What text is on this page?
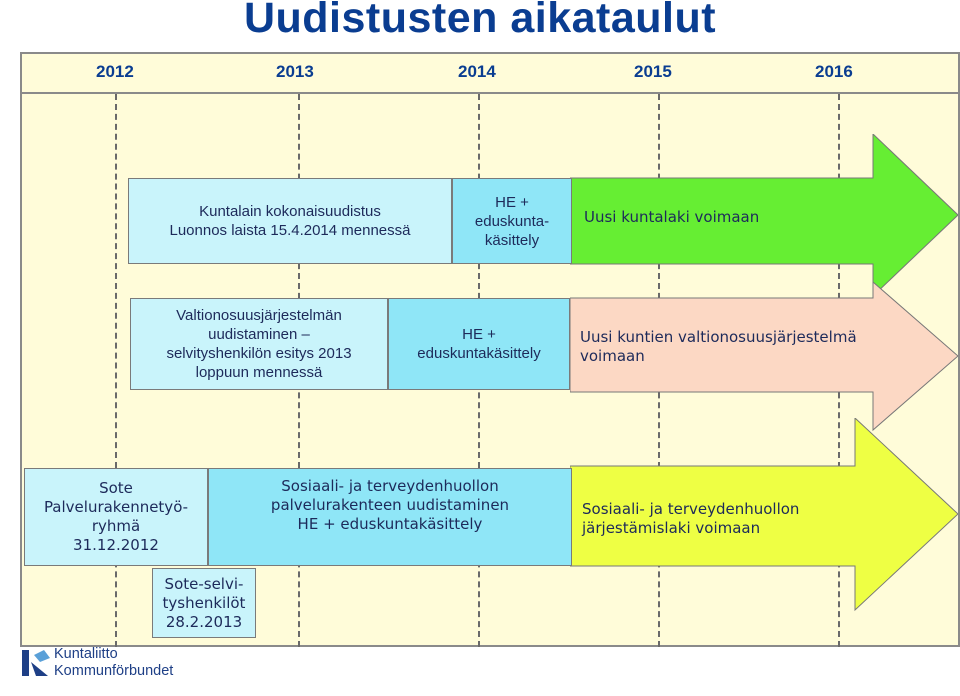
Uudistusten aikataulut
2012	2013	2014	2015	2016
Kuntalain kokonaisuudistus
Luonnos laista 15.4.2014 mennessä
HE +
eduskunta-
käsittely
Uusi kuntalaki voimaan
Valtionosuusjärjestelmän
uudistaminen –
selvityshenkilön esitys 2013
loppuun mennessä
HE +
eduskuntakäsittely
Uusi kuntien valtionosuusjärjestelmä
voimaan
Sote
Palvelurakennetyö-
ryhmä
31.12.2012
Sosiaali- ja terveydenhuollon
palvelurakenteen uudistaminen
HE + eduskuntakäsittely
Sosiaali- ja terveydenhuollon
järjestämislaki voimaan
Sote-selvi-
tyshenkilöt
28.2.2013
Kuntaliitto
Kommunförbundet
